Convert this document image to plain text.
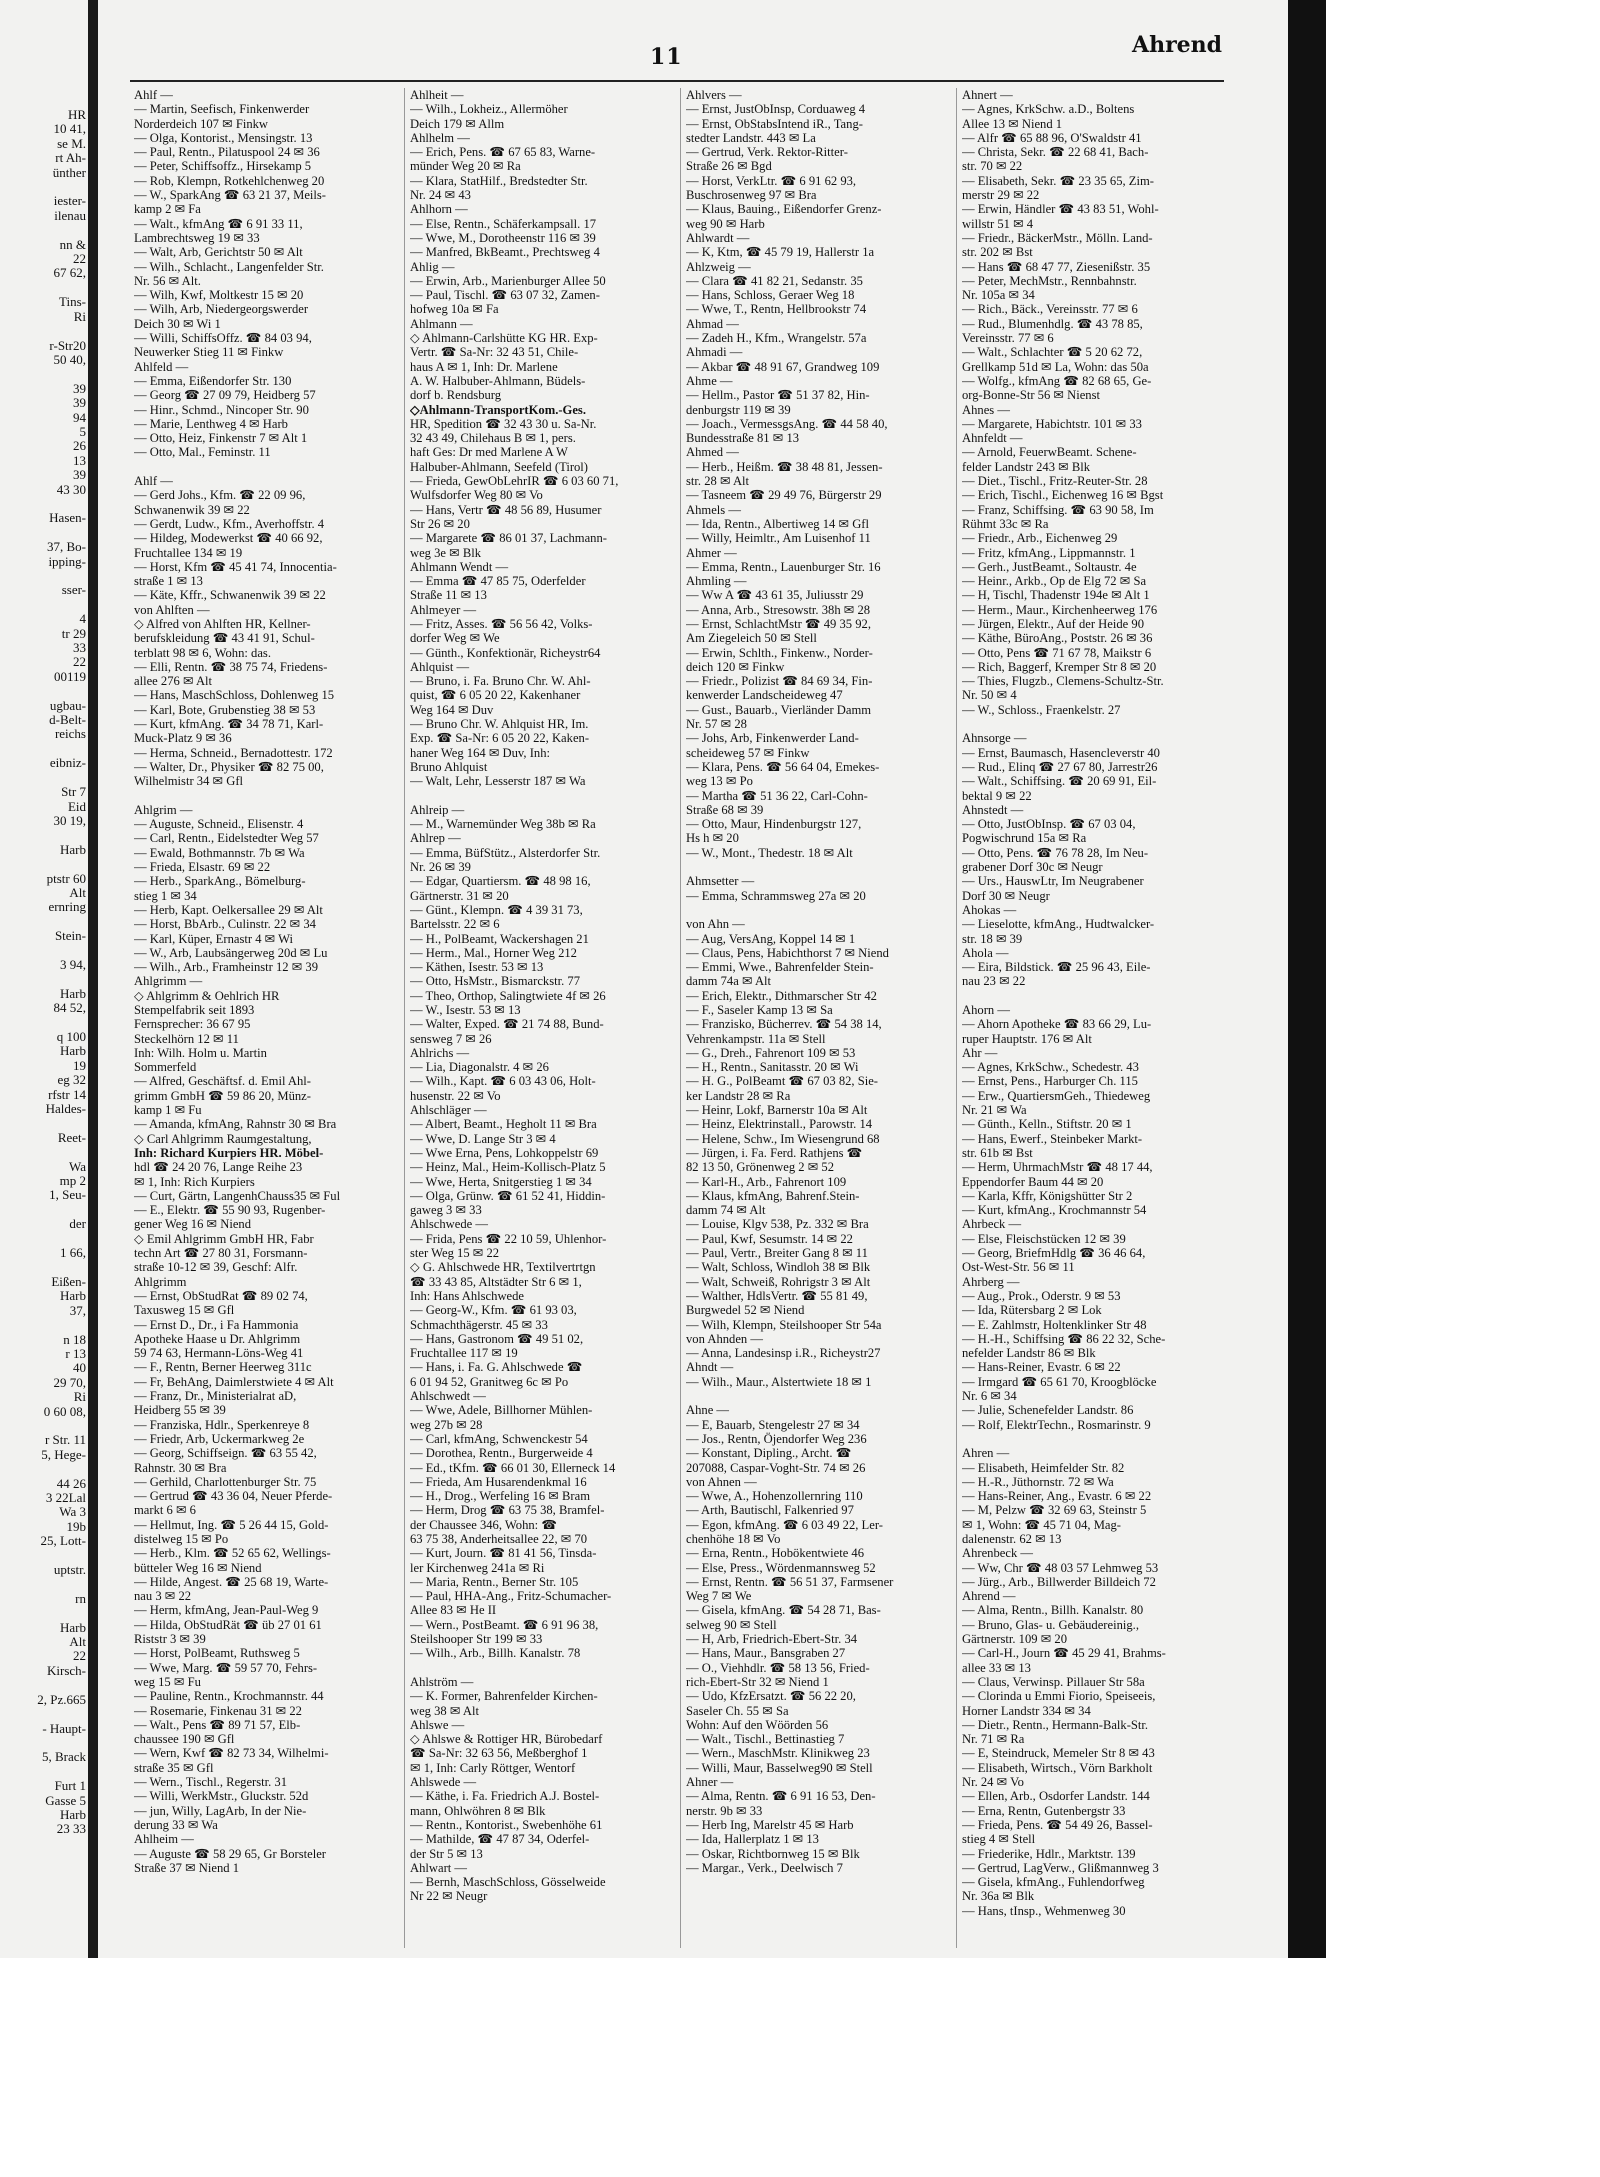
HR
10 41,
se M.
rt Ah-
ünther

iester-
ilenau

nn &
22
67 62,

Tins-
Ri

r-Str20
50 40,

39
39
94
5
26
13
39
43 30

Hasen-

37, Bo-
ipping-

sser-

4
tr 29
33
22
00119

ugbau-
d-Belt-
reichs

eibniz-

Str 7
Eid
30 19,

Harb

ptstr 60
Alt
ernring

Stein-

3 94,

Harb
84 52,

q 100
Harb
19
eg 32
rfstr 14
Haldes-

Reet-

Wa
mp 2
1, Seu-

der

1 66,

Eißen-
Harb
37,

n 18
r 13
40
29 70,
Ri
0 60 08,

r Str. 11
5, Hege-

44 26
3 22Lal
Wa 3
19b
25, Lott-

uptstr.

rn

Harb
Alt
22
Kirsch-

2, Pz.665

- Haupt-

5, Brack

Furt 1
Gasse 5
Harb
23 33
11	Ahrend
Ahlf —
— Martin, Seefisch, Finkenwerder
Norderdeich 107 ✉ Finkw
— Olga, Kontorist., Mensingstr. 13
— Paul, Rentn., Pilatuspool 24 ✉ 36
— Peter, Schiffsoffz., Hirsekamp 5
— Rob, Klempn, Rotkehlchenweg 20
— W., SparkAng ☎ 63 21 37, Meils-
kamp 2 ✉ Fa
— Walt., kfmAng ☎ 6 91 33 11,
Lambrechtsweg 19 ✉ 33
— Walt, Arb, Gerichtstr 50 ✉ Alt
— Wilh., Schlacht., Langenfelder Str.
Nr. 56 ✉ Alt.
— Wilh, Kwf, Moltkestr 15 ✉ 20
— Wilh, Arb, Niedergeorgswerder
Deich 30 ✉ Wi 1
— Willi, SchiffsOffz. ☎ 84 03 94,
Neuwerker Stieg 11 ✉ Finkw
Ahlfeld —
— Emma, Eißendorfer Str. 130
— Georg ☎ 27 09 79, Heidberg 57
— Hinr., Schmd., Nincoper Str. 90
— Marie, Lenthweg 4 ✉ Harb
— Otto, Heiz, Finkenstr 7 ✉ Alt 1
— Otto, Mal., Feminstr. 11

Ahlf —
— Gerd Johs., Kfm. ☎ 22 09 96,
Schwanenwik 39 ✉ 22
— Gerdt, Ludw., Kfm., Averhoffstr. 4
— Hildeg, Modewerkst ☎ 40 66 92,
Fruchtallee 134 ✉ 19
— Horst, Kfm ☎ 45 41 74, Innocentia-
straße 1 ✉ 13
— Käte, Kffr., Schwanenwik 39 ✉ 22
von Ahlften —
◇ Alfred von Ahlften HR, Kellner-
berufskleidung ☎ 43 41 91, Schul-
terblatt 98 ✉ 6, Wohn: das.
— Elli, Rentn. ☎ 38 75 74, Friedens-
allee 276 ✉ Alt
— Hans, MaschSchloss, Dohlenweg 15
— Karl, Bote, Grubenstieg 38 ✉ 53
— Kurt, kfmAng. ☎ 34 78 71, Karl-
Muck-Platz 9 ✉ 36
— Herma, Schneid., Bernadottestr. 172
— Walter, Dr., Physiker ☎ 82 75 00,
Wilhelmistr 34 ✉ Gfl

Ahlgrim —
— Auguste, Schneid., Elisenstr. 4
— Carl, Rentn., Eidelstedter Weg 57
— Ewald, Bothmannstr. 7b ✉ Wa
— Frieda, Elsastr. 69 ✉ 22
— Herb., SparkAng., Bömelburg-
stieg 1 ✉ 34
— Herb, Kapt. Oelkersallee 29 ✉ Alt
— Horst, BbArb., Culinstr. 22 ✉ 34
— Karl, Küper, Ernastr 4 ✉ Wi
— W., Arb, Laubsängerweg 20d ✉ Lu
— Wilh., Arb., Framheinstr 12 ✉ 39
Ahlgrimm —
◇ Ahlgrimm & Oehlrich HR
Stempelfabrik seit 1893
Fernsprecher: 36 67 95
Steckelhörn 12 ✉ 11
Inh: Wilh. Holm u. Martin
Sommerfeld
— Alfred, Geschäftsf. d. Emil Ahl-
grimm GmbH ☎ 59 86 20, Münz-
kamp 1 ✉ Fu
— Amanda, kfmAng, Rahnstr 30 ✉ Bra
◇ Carl Ahlgrimm Raumgestaltung,
Inh: Richard Kurpiers HR. Möbel-
hdl ☎ 24 20 76, Lange Reihe 23
✉ 1, Inh: Rich Kurpiers
— Curt, Gärtn, LangenhChauss35 ✉ Ful
— E., Elektr. ☎ 55 90 93, Rugenber-
gener Weg 16 ✉ Niend
◇ Emil Ahlgrimm GmbH HR, Fabr
techn Art ☎ 27 80 31, Forsmann-
straße 10-12 ✉ 39, Geschf: Alfr.
Ahlgrimm
— Ernst, ObStudRat ☎ 89 02 74,
Taxusweg 15 ✉ Gfl
— Ernst D., Dr., i Fa Hammonia
Apotheke Haase u Dr. Ahlgrimm
59 74 63, Hermann-Löns-Weg 41
— F., Rentn, Berner Heerweg 311c
— Fr, BehAng, Daimlerstwiete 4 ✉ Alt
— Franz, Dr., Ministerialrat aD,
Heidberg 55 ✉ 39
— Franziska, Hdlr., Sperkenreye 8
— Friedr, Arb, Uckermarkweg 2e
— Georg, Schiffseign. ☎ 63 55 42,
Rahnstr. 30 ✉ Bra
— Gerhild, Charlottenburger Str. 75
— Gertrud ☎ 43 36 04, Neuer Pferde-
markt 6 ✉ 6
— Hellmut, Ing. ☎ 5 26 44 15, Gold-
distelweg 15 ✉ Po
— Herb., Klm. ☎ 52 65 62, Wellings-
bütteler Weg 16 ✉ Niend
— Hilde, Angest. ☎ 25 68 19, Warte-
nau 3 ✉ 22
— Herm, kfmAng, Jean-Paul-Weg 9
— Hilda, ObStudRät ☎ üb 27 01 61
Riststr 3 ✉ 39
— Horst, PolBeamt, Ruthsweg 5
— Wwe, Marg. ☎ 59 57 70, Fehrs-
weg 15 ✉ Fu
— Pauline, Rentn., Krochmannstr. 44
— Rosemarie, Finkenau 31 ✉ 22
— Walt., Pens ☎ 89 71 57, Elb-
chaussee 190 ✉ Gfl
— Wern, Kwf ☎ 82 73 34, Wilhelmi-
straße 35 ✉ Gfl
— Wern., Tischl., Regerstr. 31
— Willi, WerkMstr., Gluckstr. 52d
— jun, Willy, LagArb, In der Nie-
derung 33 ✉ Wa
Ahlheim —
— Auguste ☎ 58 29 65, Gr Borsteler
Straße 37 ✉ Niend 1
Ahlheit —
— Wilh., Lokheiz., Allermöher
Deich 179 ✉ Allm
Ahlhelm —
— Erich, Pens. ☎ 67 65 83, Warne-
münder Weg 20 ✉ Ra
— Klara, StatHilf., Bredstedter Str.
Nr. 24 ✉ 43
Ahlhorn —
— Else, Rentn., Schäferkampsall. 17
— Wwe, M., Dorotheenstr 116 ✉ 39
— Manfred, BkBeamt., Prechtsweg 4
Ahlig —
— Erwin, Arb., Marienburger Allee 50
— Paul, Tischl. ☎ 63 07 32, Zamen-
hofweg 10a ✉ Fa
Ahlmann —
◇ Ahlmann-Carlshütte KG HR. Exp-
Vertr. ☎ Sa-Nr: 32 43 51, Chile-
haus A ✉ 1, Inh: Dr. Marlene
A. W. Halbuber-Ahlmann, Büdels-
dorf b. Rendsburg
◇Ahlmann-TransportKom.-Ges.
HR, Spedition ☎ 32 43 30 u. Sa-Nr.
32 43 49, Chilehaus B ✉ 1, pers.
haft Ges: Dr med Marlene A W
Halbuber-Ahlmann, Seefeld (Tirol)
— Frieda, GewObLehrIR ☎ 6 03 60 71,
Wulfsdorfer Weg 80 ✉ Vo
— Hans, Vertr ☎ 48 56 89, Husumer
Str 26 ✉ 20
— Margarete ☎ 86 01 37, Lachmann-
weg 3e ✉ Blk
Ahlmann Wendt —
— Emma ☎ 47 85 75, Oderfelder
Straße 11 ✉ 13
Ahlmeyer —
— Fritz, Asses. ☎ 56 56 42, Volks-
dorfer Weg ✉ We
— Günth., Konfektionär, Richeystr64
Ahlquist —
— Bruno, i. Fa. Bruno Chr. W. Ahl-
quist, ☎ 6 05 20 22, Kakenhaner
Weg 164 ✉ Duv
— Bruno Chr. W. Ahlquist HR, Im.
Exp. ☎ Sa-Nr: 6 05 20 22, Kaken-
haner Weg 164 ✉ Duv, Inh:
Bruno Ahlquist
— Walt, Lehr, Lesserstr 187 ✉ Wa

Ahlreip —
— M., Warnemünder Weg 38b ✉ Ra
Ahlrep —
— Emma, BüfStütz., Alsterdorfer Str.
Nr. 26 ✉ 39
— Edgar, Quartiersm. ☎ 48 98 16,
Gärtnerstr. 31 ✉ 20
— Günt., Klempn. ☎ 4 39 31 73,
Bartelsstr. 22 ✉ 6
— H., PolBeamt, Wackershagen 21
— Herm., Mal., Horner Weg 212
— Käthen, Isestr. 53 ✉ 13
— Otto, HsMstr., Bismarckstr. 77
— Theo, Orthop, Salingtwiete 4f ✉ 26
— W., Isestr. 53 ✉ 13
— Walter, Exped. ☎ 21 74 88, Bund-
sensweg 7 ✉ 26
Ahlrichs —
— Lia, Diagonalstr. 4 ✉ 26
— Wilh., Kapt. ☎ 6 03 43 06, Holt-
husenstr. 22 ✉ Vo
Ahlschläger —
— Albert, Beamt., Hegholt 11 ✉ Bra
— Wwe, D. Lange Str 3 ✉ 4
— Wwe Erna, Pens, Lohkoppelstr 69
— Heinz, Mal., Heim-Kollisch-Platz 5
— Wwe, Herta, Snitgerstieg 1 ✉ 34
— Olga, Grünw. ☎ 61 52 41, Hiddin-
gaweg 3 ✉ 33
Ahlschwede —
— Frida, Pens ☎ 22 10 59, Uhlenhor-
ster Weg 15 ✉ 22
◇ G. Ahlschwede HR, Textilvertrtgn
☎ 33 43 85, Altstädter Str 6 ✉ 1,
Inh: Hans Ahlschwede
— Georg-W., Kfm. ☎ 61 93 03,
Schmachthägerstr. 45 ✉ 33
— Hans, Gastronom ☎ 49 51 02,
Fruchtallee 117 ✉ 19
— Hans, i. Fa. G. Ahlschwede ☎
6 01 94 52, Granitweg 6c ✉ Po
Ahlschwedt —
— Wwe, Adele, Billhorner Mühlen-
weg 27b ✉ 28
— Carl, kfmAng, Schwenckestr 54
— Dorothea, Rentn., Burgerweide 4
— Ed., tKfm. ☎ 66 01 30, Ellerneck 14
— Frieda, Am Husarendenkmal 16
— H., Drog., Werfeling 16 ✉ Bram
— Herm, Drog ☎ 63 75 38, Bramfel-
der Chaussee 346, Wohn: ☎
63 75 38, Anderheitsallee 22, ✉ 70
— Kurt, Journ. ☎ 81 41 56, Tinsda-
ler Kirchenweg 241a ✉ Ri
— Maria, Rentn., Berner Str. 105
— Paul, HHA-Ang., Fritz-Schumacher-
Allee 83 ✉ He II
— Wern., PostBeamt. ☎ 6 91 96 38,
Steilshooper Str 199 ✉ 33
— Wilh., Arb., Billh. Kanalstr. 78

Ahlström —
— K. Former, Bahrenfelder Kirchen-
weg 38 ✉ Alt
Ahlswe —
◇ Ahlswe & Rottiger HR, Bürobedarf
☎ Sa-Nr: 32 63 56, Meßberghof 1
✉ 1, Inh: Carly Röttger, Wentorf
Ahlswede —
— Käthe, i. Fa. Friedrich A.J. Bostel-
mann, Ohlwöhren 8 ✉ Blk
— Rentn., Kontorist., Swebenhöhe 61
— Mathilde, ☎ 47 87 34, Oderfel-
der Str 5 ✉ 13
Ahlwart —
— Bernh, MaschSchloss, Gösselweide
Nr 22 ✉ Neugr
Ahlvers —
— Ernst, JustObInsp, Corduaweg 4
— Ernst, ObStabsIntend iR., Tang-
stedter Landstr. 443 ✉ La
— Gertrud, Verk. Rektor-Ritter-
Straße 26 ✉ Bgd
— Horst, VerkLtr. ☎ 6 91 62 93,
Buschrosenweg 97 ✉ Bra
— Klaus, Bauing., Eißendorfer Grenz-
weg 90 ✉ Harb
Ahlwardt —
— K, Ktm, ☎ 45 79 19, Hallerstr 1a
Ahlzweig —
— Clara ☎ 41 82 21, Sedanstr. 35
— Hans, Schloss, Geraer Weg 18
— Wwe, T., Rentn, Hellbrookstr 74
Ahmad —
— Zadeh H., Kfm., Wrangelstr. 57a
Ahmadi —
— Akbar ☎ 48 91 67, Grandweg 109
Ahme —
— Hellm., Pastor ☎ 51 37 82, Hin-
denburgstr 119 ✉ 39
— Joach., VermessgsAng. ☎ 44 58 40,
Bundesstraße 81 ✉ 13
Ahmed —
— Herb., Heißm. ☎ 38 48 81, Jessen-
str. 28 ✉ Alt
— Tasneem ☎ 29 49 76, Bürgerstr 29
Ahmels —
— Ida, Rentn., Albertiweg 14 ✉ Gfl
— Willy, Heimltr., Am Luisenhof 11
Ahmer —
— Emma, Rentn., Lauenburger Str. 16
Ahmling —
— Ww A ☎ 43 61 35, Juliusstr 29
— Anna, Arb., Stresowstr. 38h ✉ 28
— Ernst, SchlachtMstr ☎ 49 35 92,
Am Ziegeleich 50 ✉ Stell
— Erwin, Schlth., Finkenw., Norder-
deich 120 ✉ Finkw
— Friedr., Polizist ☎ 84 69 34, Fin-
kenwerder Landscheideweg 47
— Gust., Bauarb., Vierländer Damm
Nr. 57 ✉ 28
— Johs, Arb, Finkenwerder Land-
scheideweg 57 ✉ Finkw
— Klara, Pens. ☎ 56 64 04, Emekes-
weg 13 ✉ Po
— Martha ☎ 51 36 22, Carl-Cohn-
Straße 68 ✉ 39
— Otto, Maur, Hindenburgstr 127,
Hs h ✉ 20
— W., Mont., Thedestr. 18 ✉ Alt

Ahmsetter —
— Emma, Schrammsweg 27a ✉ 20

von Ahn —
— Aug, VersAng, Koppel 14 ✉ 1
— Claus, Pens, Habichthorst 7 ✉ Niend
— Emmi, Wwe., Bahrenfelder Stein-
damm 74a ✉ Alt
— Erich, Elektr., Dithmarscher Str 42
— F., Saseler Kamp 13 ✉ Sa
— Franzisko, Bücherrev. ☎ 54 38 14,
Vehrenkampstr. 11a ✉ Stell
— G., Dreh., Fahrenort 109 ✉ 53
— H., Rentn., Sanitasstr. 20 ✉ Wi
— H. G., PolBeamt ☎ 67 03 82, Sie-
ker Landstr 28 ✉ Ra
— Heinr, Lokf, Barnerstr 10a ✉ Alt
— Heinz, Elektrinstall., Parowstr. 14
— Helene, Schw., Im Wiesengrund 68
— Jürgen, i. Fa. Ferd. Rathjens ☎
82 13 50, Grönenweg 2 ✉ 52
— Karl-H., Arb., Fahrenort 109
— Klaus, kfmAng, Bahrenf.Stein-
damm 74 ✉ Alt
— Louise, Klgv 538, Pz. 332 ✉ Bra
— Paul, Kwf, Sesumstr. 14 ✉ 22
— Paul, Vertr., Breiter Gang 8 ✉ 11
— Walt, Schloss, Windloh 38 ✉ Blk
— Walt, Schweiß, Rohrigstr 3 ✉ Alt
— Walther, HdlsVertr. ☎ 55 81 49,
Burgwedel 52 ✉ Niend
— Wilh, Klempn, Steilshooper Str 54a
von Ahnden —
— Anna, Landesinsp i.R., Richeystr27
Ahndt —
— Wilh., Maur., Alstertwiete 18 ✉ 1

Ahne —
— E, Bauarb, Stengelestr 27 ✉ 34
— Jos., Rentn, Öjendorfer Weg 236
— Konstant, Dipling., Archt. ☎
207088, Caspar-Voght-Str. 74 ✉ 26
von Ahnen —
— Wwe, A., Hohenzollernring 110
— Arth, Bautischl, Falkenried 97
— Egon, kfmAng. ☎ 6 03 49 22, Ler-
chenhöhe 18 ✉ Vo
— Erna, Rentn., Hobökentwiete 46
— Else, Press., Wördenmannsweg 52
— Ernst, Rentn. ☎ 56 51 37, Farmsener
Weg 7 ✉ We
— Gisela, kfmAng. ☎ 54 28 71, Bas-
selweg 90 ✉ Stell
— H, Arb, Friedrich-Ebert-Str. 34
— Hans, Maur., Bansgraben 27
— O., Viehhdlr. ☎ 58 13 56, Fried-
rich-Ebert-Str 32 ✉ Niend 1
— Udo, KfzErsatzt. ☎ 56 22 20,
Saseler Ch. 55 ✉ Sa
Wohn: Auf den Wöörden 56
— Walt., Tischl., Bettinastieg 7
— Wern., MaschMstr. Klinikweg 23
— Willi, Maur, Basselweg90 ✉ Stell
Ahner —
— Alma, Rentn. ☎ 6 91 16 53, Den-
nerstr. 9b ✉ 33
— Herb Ing, Marelstr 45 ✉ Harb
— Ida, Hallerplatz 1 ✉ 13
— Oskar, Richtbornweg 15 ✉ Blk
— Margar., Verk., Deelwisch 7
Ahnert —
— Agnes, KrkSchw. a.D., Boltens
Allee 13 ✉ Niend 1
— Alfr ☎ 65 88 96, O'Swaldstr 41
— Christa, Sekr. ☎ 22 68 41, Bach-
str. 70 ✉ 22
— Elisabeth, Sekr. ☎ 23 35 65, Zim-
merstr 29 ✉ 22
— Erwin, Händler ☎ 43 83 51, Wohl-
willstr 51 ✉ 4
— Friedr., BäckerMstr., Mölln. Land-
str. 202 ✉ Bst
— Hans ☎ 68 47 77, Ziesenißstr. 35
— Peter, MechMstr., Rennbahnstr.
Nr. 105a ✉ 34
— Rich., Bäck., Vereinsstr. 77 ✉ 6
— Rud., Blumenhdlg. ☎ 43 78 85,
Vereinsstr. 77 ✉ 6
— Walt., Schlachter ☎ 5 20 62 72,
Grellkamp 51d ✉ La, Wohn: das 50a
— Wolfg., kfmAng ☎ 82 68 65, Ge-
org-Bonne-Str 56 ✉ Nienst
Ahnes —
— Margarete, Habichtstr. 101 ✉ 33
Ahnfeldt —
— Arnold, FeuerwBeamt. Schene-
felder Landstr 243 ✉ Blk
— Diet., Tischl., Fritz-Reuter-Str. 28
— Erich, Tischl., Eichenweg 16 ✉ Bgst
— Franz, Schiffsing. ☎ 63 90 58, Im
Rühmt 33c ✉ Ra
— Friedr., Arb., Eichenweg 29
— Fritz, kfmAng., Lippmannstr. 1
— Gerh., JustBeamt., Soltaustr. 4e
— Heinr., Arkb., Op de Elg 72 ✉ Sa
— H, Tischl, Thadenstr 194e ✉ Alt 1
— Herm., Maur., Kirchenheerweg 176
— Jürgen, Elektr., Auf der Heide 90
— Käthe, BüroAng., Poststr. 26 ✉ 36
— Otto, Pens ☎ 71 67 78, Maikstr 6
— Rich, Baggerf, Kremper Str 8 ✉ 20
— Thies, Flugzb., Clemens-Schultz-Str.
Nr. 50 ✉ 4
— W., Schloss., Fraenkelstr. 27

Ahnsorge —
— Ernst, Baumasch, Hasencleverstr 40
— Rud., Elinq ☎ 27 67 80, Jarrestr26
— Walt., Schiffsing. ☎ 20 69 91, Eil-
bektal 9 ✉ 22
Ahnstedt —
— Otto, JustObInsp. ☎ 67 03 04,
Pogwischrund 15a ✉ Ra
— Otto, Pens. ☎ 76 78 28, Im Neu-
grabener Dorf 30c ✉ Neugr
— Urs., HauswLtr, Im Neugrabener
Dorf 30 ✉ Neugr
Ahokas —
— Lieselotte, kfmAng., Hudtwalcker-
str. 18 ✉ 39
Ahola —
— Eira, Bildstick. ☎ 25 96 43, Eile-
nau 23 ✉ 22

Ahorn —
— Ahorn Apotheke ☎ 83 66 29, Lu-
ruper Hauptstr. 176 ✉ Alt
Ahr —
— Agnes, KrkSchw., Schedestr. 43
— Ernst, Pens., Harburger Ch. 115
— Erw., QuartiersmGeh., Thiedeweg
Nr. 21 ✉ Wa
— Günth., Kelln., Stiftstr. 20 ✉ 1
— Hans, Ewerf., Steinbeker Markt-
str. 61b ✉ Bst
— Herm, UhrmachMstr ☎ 48 17 44,
Eppendorfer Baum 44 ✉ 20
— Karla, Kffr, Königshütter Str 2
— Kurt, kfmAng., Krochmannstr 54
Ahrbeck —
— Else, Fleischstücken 12 ✉ 39
— Georg, BriefmHdlg ☎ 36 46 64,
Ost-West-Str. 56 ✉ 11
Ahrberg —
— Aug., Prok., Oderstr. 9 ✉ 53
— Ida, Rütersbarg 2 ✉ Lok
— E. Zahlmstr, Holtenklinker Str 48
— H.-H., Schiffsing ☎ 86 22 32, Sche-
nefelder Landstr 86 ✉ Blk
— Hans-Reiner, Evastr. 6 ✉ 22
— Irmgard ☎ 65 61 70, Kroogblöcke
Nr. 6 ✉ 34
— Julie, Schenefelder Landstr. 86
— Rolf, ElektrTechn., Rosmarinstr. 9

Ahren —
— Elisabeth, Heimfelder Str. 82
— H.-R., Jüthornstr. 72 ✉ Wa
— Hans-Reiner, Ang., Evastr. 6 ✉ 22
— M, Pelzw ☎ 32 69 63, Steinstr 5
✉ 1, Wohn: ☎ 45 71 04, Mag-
dalenenstr. 62 ✉ 13
Ahrenbeck —
— Ww, Chr ☎ 48 03 57 Lehmweg 53
— Jürg., Arb., Billwerder Billdeich 72
Ahrend —
— Alma, Rentn., Billh. Kanalstr. 80
— Bruno, Glas- u. Gebäudereinig.,
Gärtnerstr. 109 ✉ 20
— Carl-H., Journ ☎ 45 29 41, Brahms-
allee 33 ✉ 13
— Claus, Verwinsp. Pillauer Str 58a
— Clorinda u Emmi Fiorio, Speiseeis,
Horner Landstr 334 ✉ 34
— Dietr., Rentn., Hermann-Balk-Str.
Nr. 71 ✉ Ra
— E, Steindruck, Memeler Str 8 ✉ 43
— Elisabeth, Wirtsch., Vörn Barkholt
Nr. 24 ✉ Vo
— Ellen, Arb., Osdorfer Landstr. 144
— Erna, Rentn, Gutenbergstr 33
— Frieda, Pens. ☎ 54 49 26, Bassel-
stieg 4 ✉ Stell
— Friederike, Hdlr., Marktstr. 139
— Gertrud, LagVerw., Glißmannweg 3
— Gisela, kfmAng., Fuhlendorfweg
Nr. 36a ✉ Blk
— Hans, tInsp., Wehmenweg 30
